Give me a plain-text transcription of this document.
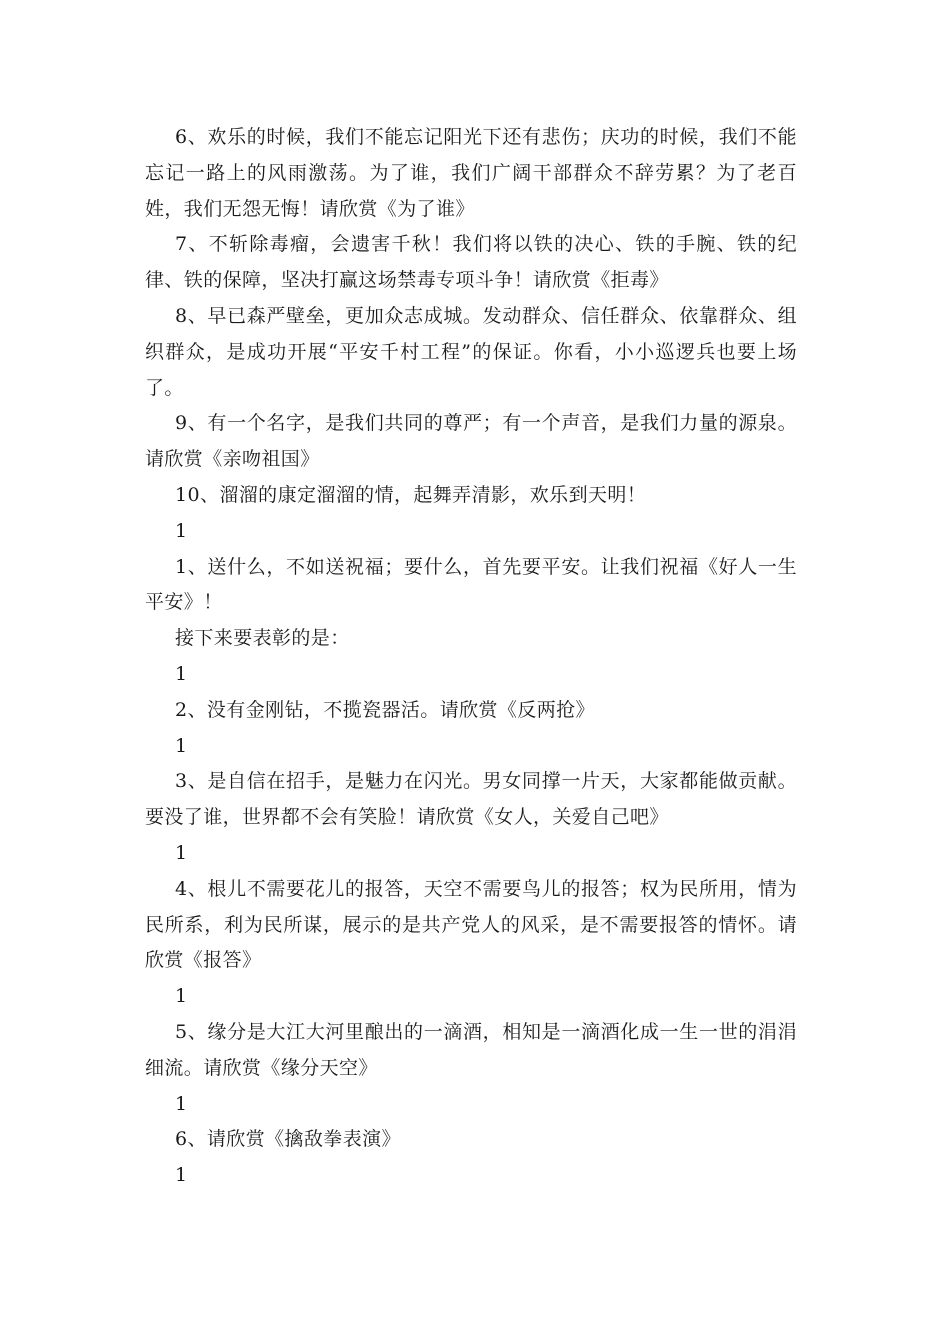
6、欢乐的时候，我们不能忘记阳光下还有悲伤；庆功的时候，我们不能忘记一路上的风雨激荡。为了谁，我们广阔干部群众不辞劳累？为了老百姓，我们无怨无悔！请欣赏《为了谁》

7、不斩除毒瘤，会遗害千秋！我们将以铁的决心、铁的手腕、铁的纪律、铁的保障，坚决打赢这场禁毒专项斗争！请欣赏《拒毒》

8、早已森严壁垒，更加众志成城。发动群众、信任群众、依靠群众、组织群众，是成功开展“平安千村工程”的保证。你看，小小巡逻兵也要上场了。

9、有一个名字，是我们共同的尊严；有一个声音，是我们力量的源泉。请欣赏《亲吻祖国》

10、溜溜的康定溜溜的情，起舞弄清影，欢乐到天明！

1

1、送什么，不如送祝福；要什么，首先要平安。让我们祝福《好人一生平安》！

接下来要表彰的是：

1

2、没有金刚钻，不揽瓷器活。请欣赏《反两抢》

1

3、是自信在招手，是魅力在闪光。男女同撑一片天，大家都能做贡献。要没了谁，世界都不会有笑脸！请欣赏《女人，关爱自己吧》

1

4、根儿不需要花儿的报答，天空不需要鸟儿的报答；权为民所用，情为民所系，利为民所谋，展示的是共产党人的风采，是不需要报答的情怀。请欣赏《报答》

1

5、缘分是大江大河里酿出的一滴酒，相知是一滴酒化成一生一世的涓涓细流。请欣赏《缘分天空》

1

6、请欣赏《擒敌拳表演》

1
